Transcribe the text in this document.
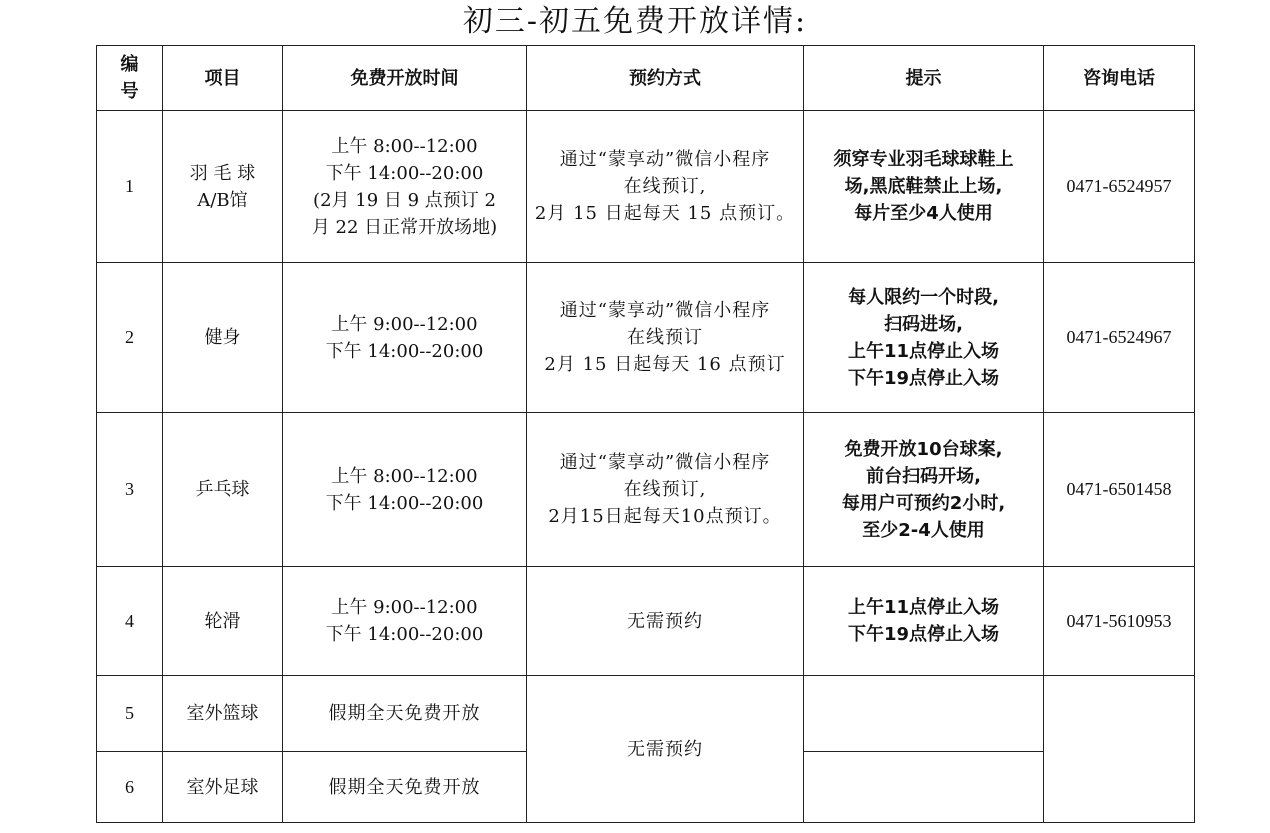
初三-初五免费开放详情:
编
号	项目	免费开放时间	预约方式	提示	咨询电话
1	羽 毛 球
A/B馆	上午 8:00--12:00
下午 14:00--20:00
(2月 19 日 9 点预订 2
月 22 日正常开放场地)	通过“蒙享动”微信小程序
在线预订,
2月 15 日起每天 15 点预订。	须穿专业羽毛球球鞋上
场,黑底鞋禁止上场,
每片至少4人使用	0471-6524957
2	健身	上午 9:00--12:00
下午 14:00--20:00	通过“蒙享动”微信小程序
在线预订
2月 15 日起每天 16 点预订	每人限约一个时段,
扫码进场,
上午11点停止入场
下午19点停止入场	0471-6524967
3	乒乓球	上午 8:00--12:00
下午 14:00--20:00	通过“蒙享动”微信小程序
在线预订,
2月15日起每天10点预订。	免费开放10台球案,
前台扫码开场,
每用户可预约2小时,
至少2-4人使用	0471-6501458
4	轮滑	上午 9:00--12:00
下午 14:00--20:00	无需预约	上午11点停止入场
下午19点停止入场	0471-5610953
5	室外篮球	假期全天免费开放	无需预约		
6	室外足球	假期全天免费开放			
